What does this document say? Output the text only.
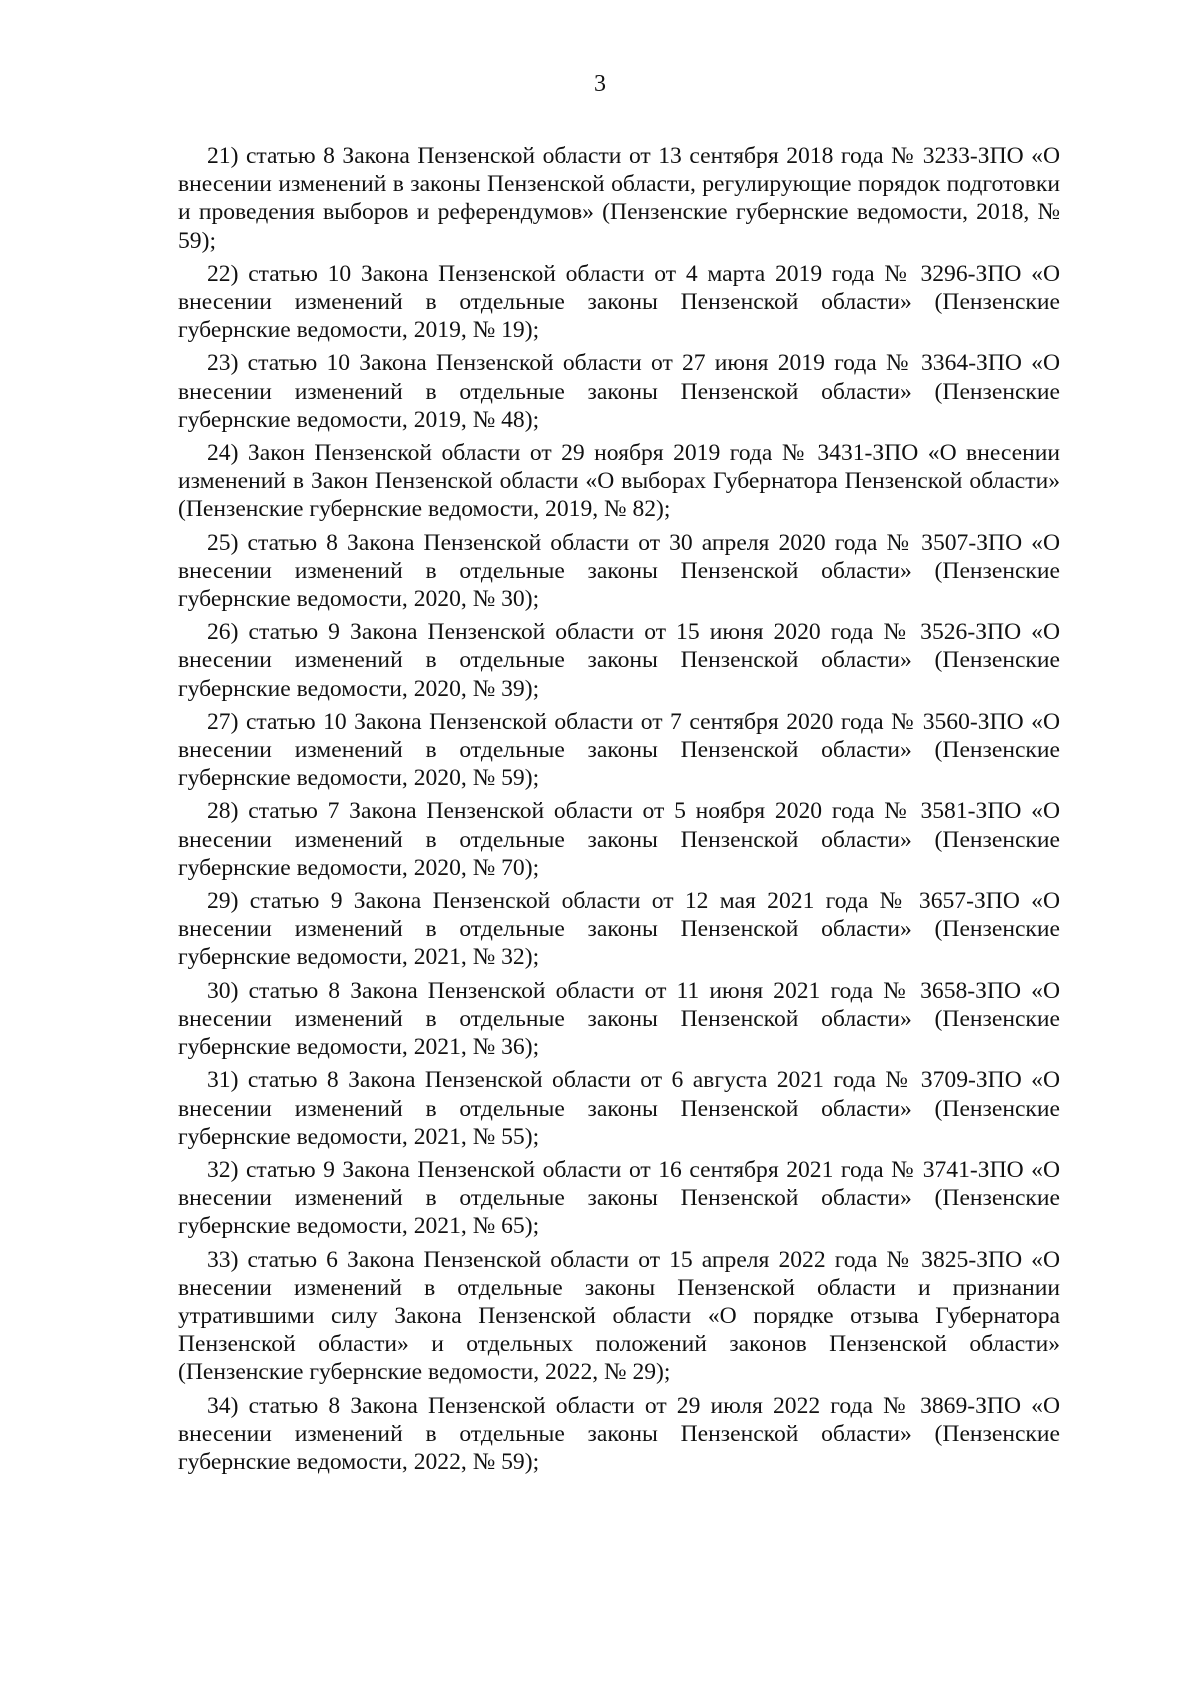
3

21) статью 8 Закона Пензенской области от 13 сентября 2018 года № 3233-ЗПО «О внесении изменений в законы Пензенской области, регулирующие порядок подготовки и проведения выборов и референдумов» (Пензенские губернские ведомости, 2018, № 59);

22) статью 10 Закона Пензенской области от 4 марта 2019 года № 3296-ЗПО «О внесении изменений в отдельные законы Пензенской области» (Пензенские губернские ведомости, 2019, № 19);

23) статью 10 Закона Пензенской области от 27 июня 2019 года № 3364-ЗПО «О внесении изменений в отдельные законы Пензенской области» (Пензенские губернские ведомости, 2019, № 48);

24) Закон Пензенской области от 29 ноября 2019 года № 3431-ЗПО «О внесении изменений в Закон Пензенской области «О выборах Губернатора Пензенской области» (Пензенские губернские ведомости, 2019, № 82);

25) статью 8 Закона Пензенской области от 30 апреля 2020 года № 3507-ЗПО «О внесении изменений в отдельные законы Пензенской области» (Пензенские губернские ведомости, 2020, № 30);

26) статью 9 Закона Пензенской области от 15 июня 2020 года № 3526-ЗПО «О внесении изменений в отдельные законы Пензенской области» (Пензенские губернские ведомости, 2020, № 39);

27) статью 10 Закона Пензенской области от 7 сентября 2020 года № 3560-ЗПО «О внесении изменений в отдельные законы Пензенской области» (Пензенские губернские ведомости, 2020, № 59);

28) статью 7 Закона Пензенской области от 5 ноября 2020 года № 3581-ЗПО «О внесении изменений в отдельные законы Пензенской области» (Пензенские губернские ведомости, 2020, № 70);

29) статью 9 Закона Пензенской области от 12 мая 2021 года № 3657-ЗПО «О внесении изменений в отдельные законы Пензенской области» (Пензенские губернские ведомости, 2021, № 32);

30) статью 8 Закона Пензенской области от 11 июня 2021 года № 3658-ЗПО «О внесении изменений в отдельные законы Пензенской области» (Пензенские губернские ведомости, 2021, № 36);

31) статью 8 Закона Пензенской области от 6 августа 2021 года № 3709-ЗПО «О внесении изменений в отдельные законы Пензенской области» (Пензенские губернские ведомости, 2021, № 55);

32) статью 9 Закона Пензенской области от 16 сентября 2021 года № 3741-ЗПО «О внесении изменений в отдельные законы Пензенской области» (Пензенские губернские ведомости, 2021, № 65);

33) статью 6 Закона Пензенской области от 15 апреля 2022 года № 3825-ЗПО «О внесении изменений в отдельные законы Пензенской области и признании утратившими силу Закона Пензенской области «О порядке отзыва Губернатора Пензенской области» и отдельных положений законов Пензенской области» (Пензенские губернские ведомости, 2022, № 29);

34) статью 8 Закона Пензенской области от 29 июля 2022 года № 3869-ЗПО «О внесении изменений в отдельные законы Пензенской области» (Пензенские губернские ведомости, 2022, № 59);
